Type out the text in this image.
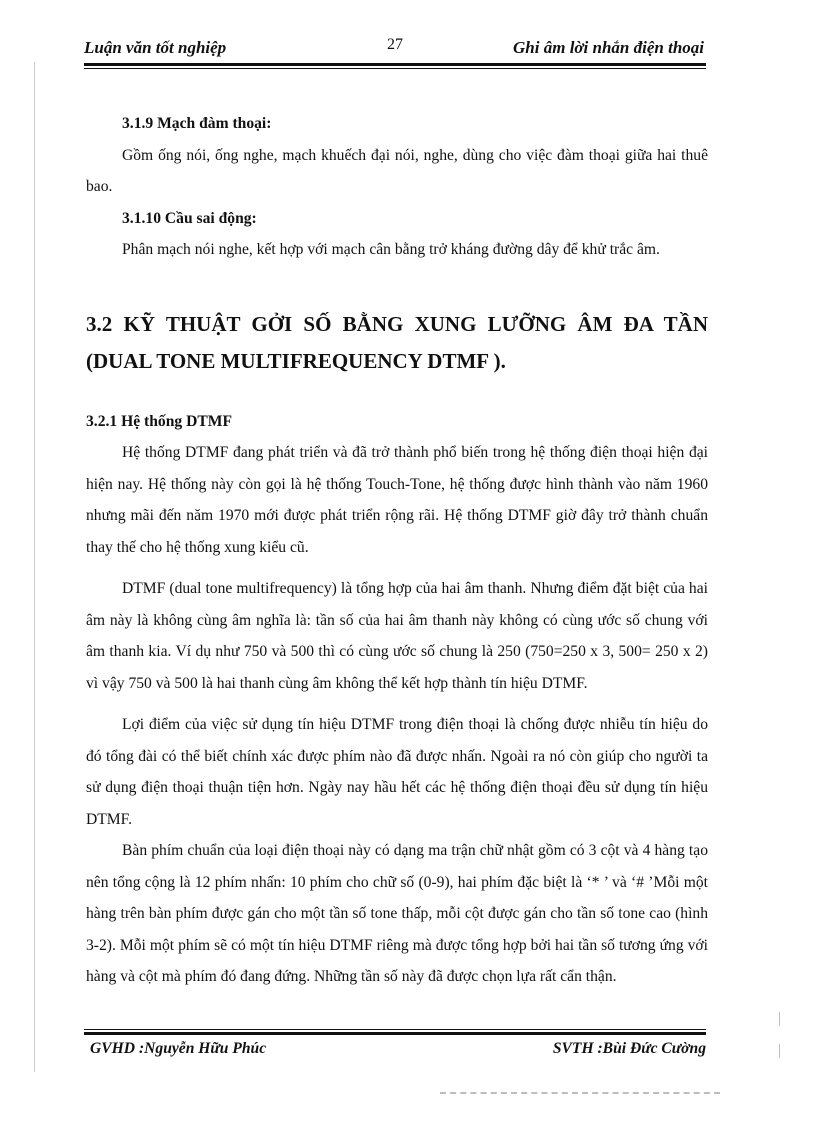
Luận văn tốt nghiệp	27	Ghi âm lời nhắn điện thoại

3.1.9 Mạch đàm thoại:

Gồm ống nói, ống nghe, mạch khuếch đại nói, nghe, dùng cho việc đàm thoại giữa hai thuê bao.

3.1.10 Cầu sai động:

Phân mạch nói nghe, kết hợp với mạch cân bằng trở kháng đường dây để khử trắc âm.

3.2 KỸ THUẬT GỞI SỐ BẰNG XUNG LƯỠNG ÂM ĐA TẦN (DUAL TONE MULTIFREQUENCY DTMF ).

3.2.1 Hệ thống DTMF

Hệ thống DTMF đang phát triển và đã trở thành phổ biến trong hệ thống điện thoại hiện đại hiện nay. Hệ thống này còn gọi là hệ thống Touch-Tone, hệ thống được hình thành vào năm 1960 nhưng mãi đến năm 1970 mới được phát triển rộng rãi. Hệ thống DTMF giờ đây trở thành chuẩn thay thế cho hệ thống xung kiểu cũ.

DTMF (dual tone multifrequency) là tổng hợp của hai âm thanh. Nhưng điểm đặt biệt của hai âm này là không cùng âm nghĩa là: tần số của hai âm thanh này không có cùng ước số chung với âm thanh kia. Ví dụ như 750 và 500 thì có cùng ước số chung là 250 (750=250 x 3, 500= 250 x 2) vì vậy 750 và 500 là hai thanh cùng âm không thể kết hợp thành tín hiệu DTMF.

Lợi điểm của việc sử dụng tín hiệu DTMF trong điện thoại là chống được nhiễu tín hiệu do đó tổng đài có thể biết chính xác được phím nào đã được nhấn. Ngoài ra nó còn giúp cho người ta sử dụng điện thoại thuận tiện hơn. Ngày nay hầu hết các hệ thống điện thoại đều sử dụng tín hiệu DTMF.

Bàn phím chuẩn của loại điện thoại này có dạng ma trận chữ nhật gồm có 3 cột và 4 hàng tạo nên tổng cộng là 12 phím nhấn: 10 phím cho chữ số (0-9), hai phím đặc biệt là ‘* ’ và ‘# ’Mỗi một hàng trên bàn phím được gán cho một tần số tone thấp, mỗi cột được gán cho tần số tone cao (hình 3-2). Mỗi một phím sẽ có một tín hiệu DTMF riêng mà được tổng hợp bởi hai tần số tương ứng với hàng và cột mà phím đó đang đứng. Những tần số này đã được chọn lựa rất cẩn thận.

GVHD :Nguyễn Hữu Phúc	SVTH :Bùi Đức Cường
